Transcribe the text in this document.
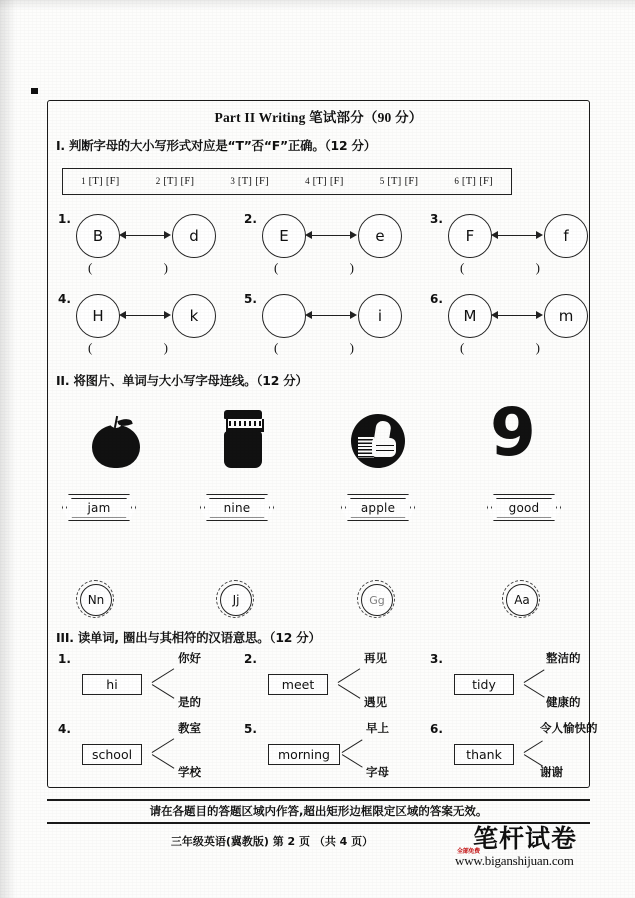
Part II Writing 笔试部分（90 分）
I. 判断字母的大小写形式对应是“T”否“F”正确。（12 分）
1 [T] [F]	2 [T] [F]	3 [T] [F]	4 [T] [F]	5 [T] [F]	6 [T] [F]
1.
B	d
(	)
2.
E	e
(	)
3.
F	f
(	)
4.
H	k
(	)
5.
i
(	)
6.
M	m
(	)
II. 将图片、单词与大小写字母连线。（12 分）
9
jam	nine	apple	good
Nn	Jj	Gg	Aa
III. 读单词, 圈出与其相符的汉语意思。（12 分）
1.
hi
你好
是的
2.
meet
再见
遇见
3.
tidy
整洁的
健康的
4.
school
教室
学校
5.
morning
早上
字母
6.
thank
令人愉快的
谢谢
请在各题目的答题区域内作答,超出矩形边框限定区域的答案无效。
三年级英语(冀教版) 第 2 页 （共 4 页）	笔杆试卷
全部免费
www.biganshijuan.com
